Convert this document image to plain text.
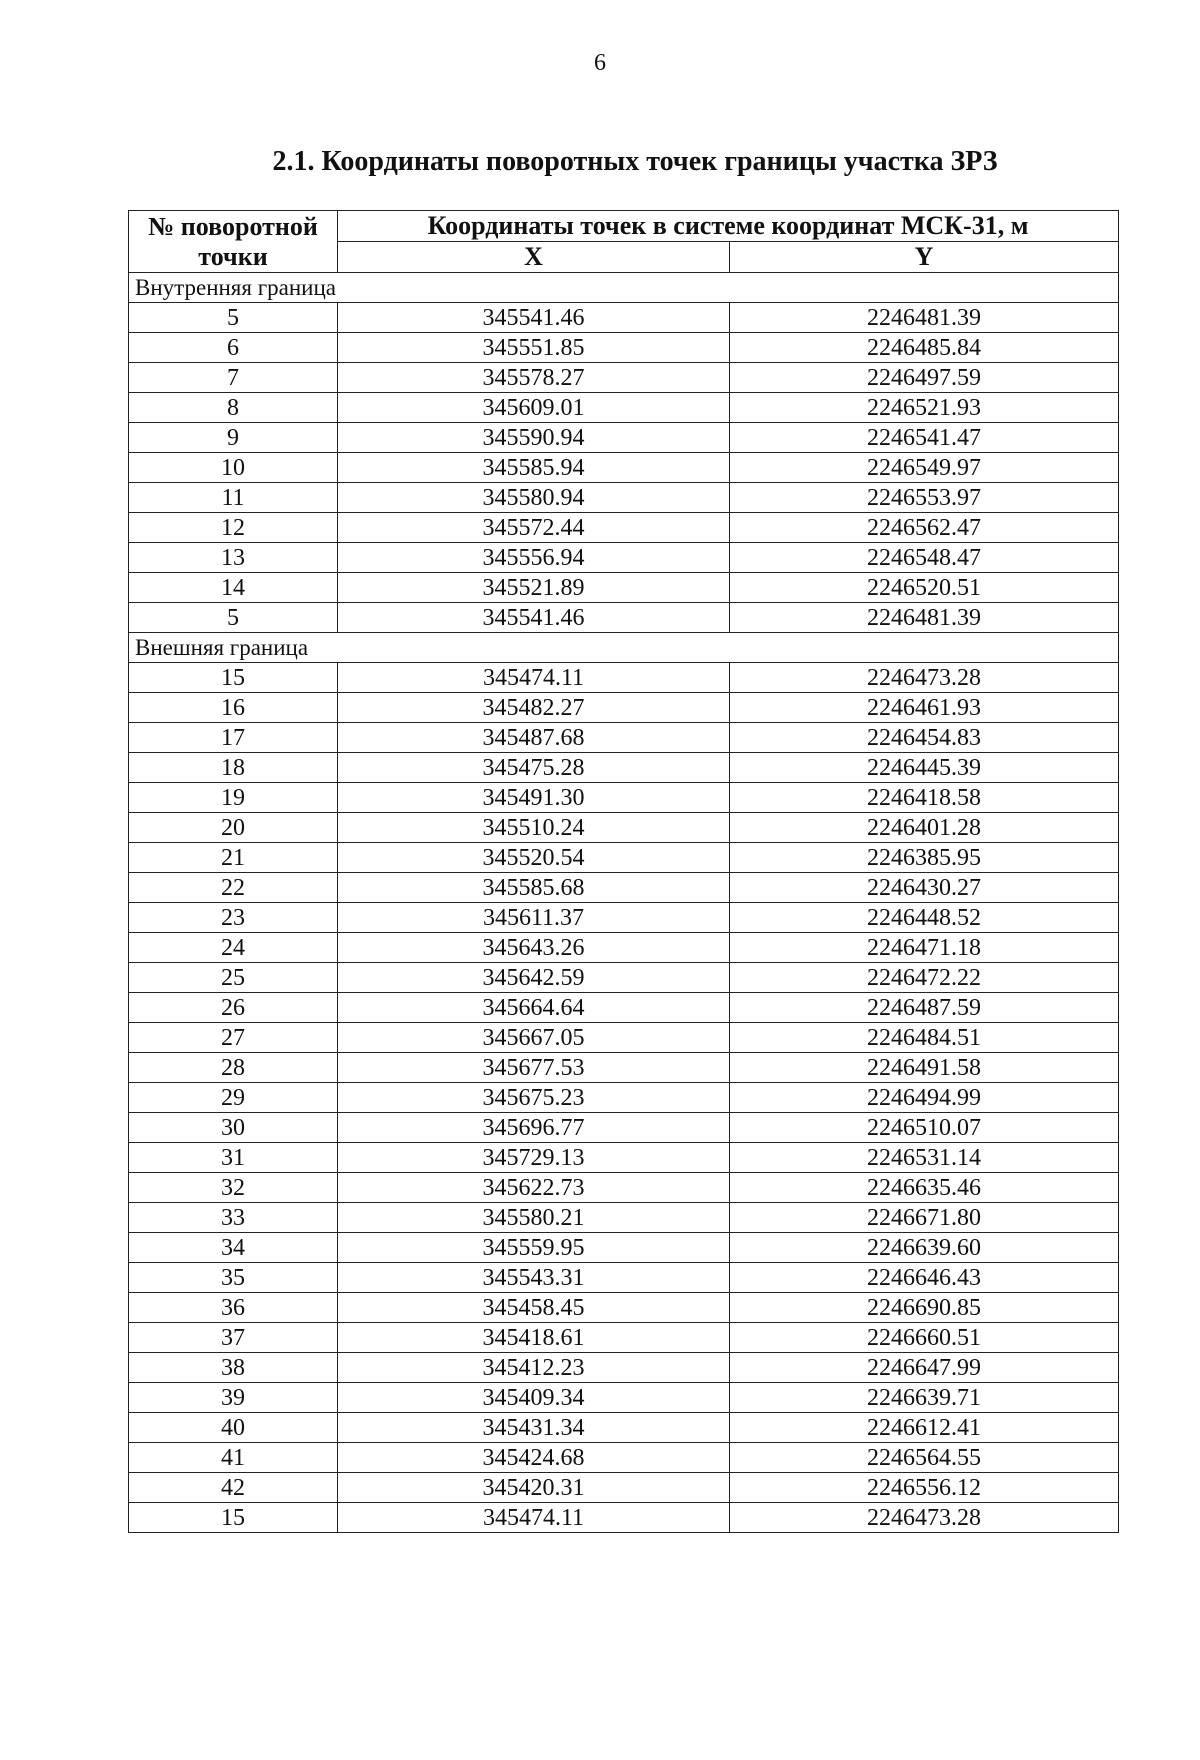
6
2.1. Координаты поворотных точек границы участка ЗРЗ
№ поворотной точки	Координаты точек в системе координат МСК-31, м	
	X	Y
Внутренняя граница		
5	345541.46	2246481.39
6	345551.85	2246485.84
7	345578.27	2246497.59
8	345609.01	2246521.93
9	345590.94	2246541.47
10	345585.94	2246549.97
11	345580.94	2246553.97
12	345572.44	2246562.47
13	345556.94	2246548.47
14	345521.89	2246520.51
5	345541.46	2246481.39
Внешняя граница		
15	345474.11	2246473.28
16	345482.27	2246461.93
17	345487.68	2246454.83
18	345475.28	2246445.39
19	345491.30	2246418.58
20	345510.24	2246401.28
21	345520.54	2246385.95
22	345585.68	2246430.27
23	345611.37	2246448.52
24	345643.26	2246471.18
25	345642.59	2246472.22
26	345664.64	2246487.59
27	345667.05	2246484.51
28	345677.53	2246491.58
29	345675.23	2246494.99
30	345696.77	2246510.07
31	345729.13	2246531.14
32	345622.73	2246635.46
33	345580.21	2246671.80
34	345559.95	2246639.60
35	345543.31	2246646.43
36	345458.45	2246690.85
37	345418.61	2246660.51
38	345412.23	2246647.99
39	345409.34	2246639.71
40	345431.34	2246612.41
41	345424.68	2246564.55
42	345420.31	2246556.12
15	345474.11	2246473.28
